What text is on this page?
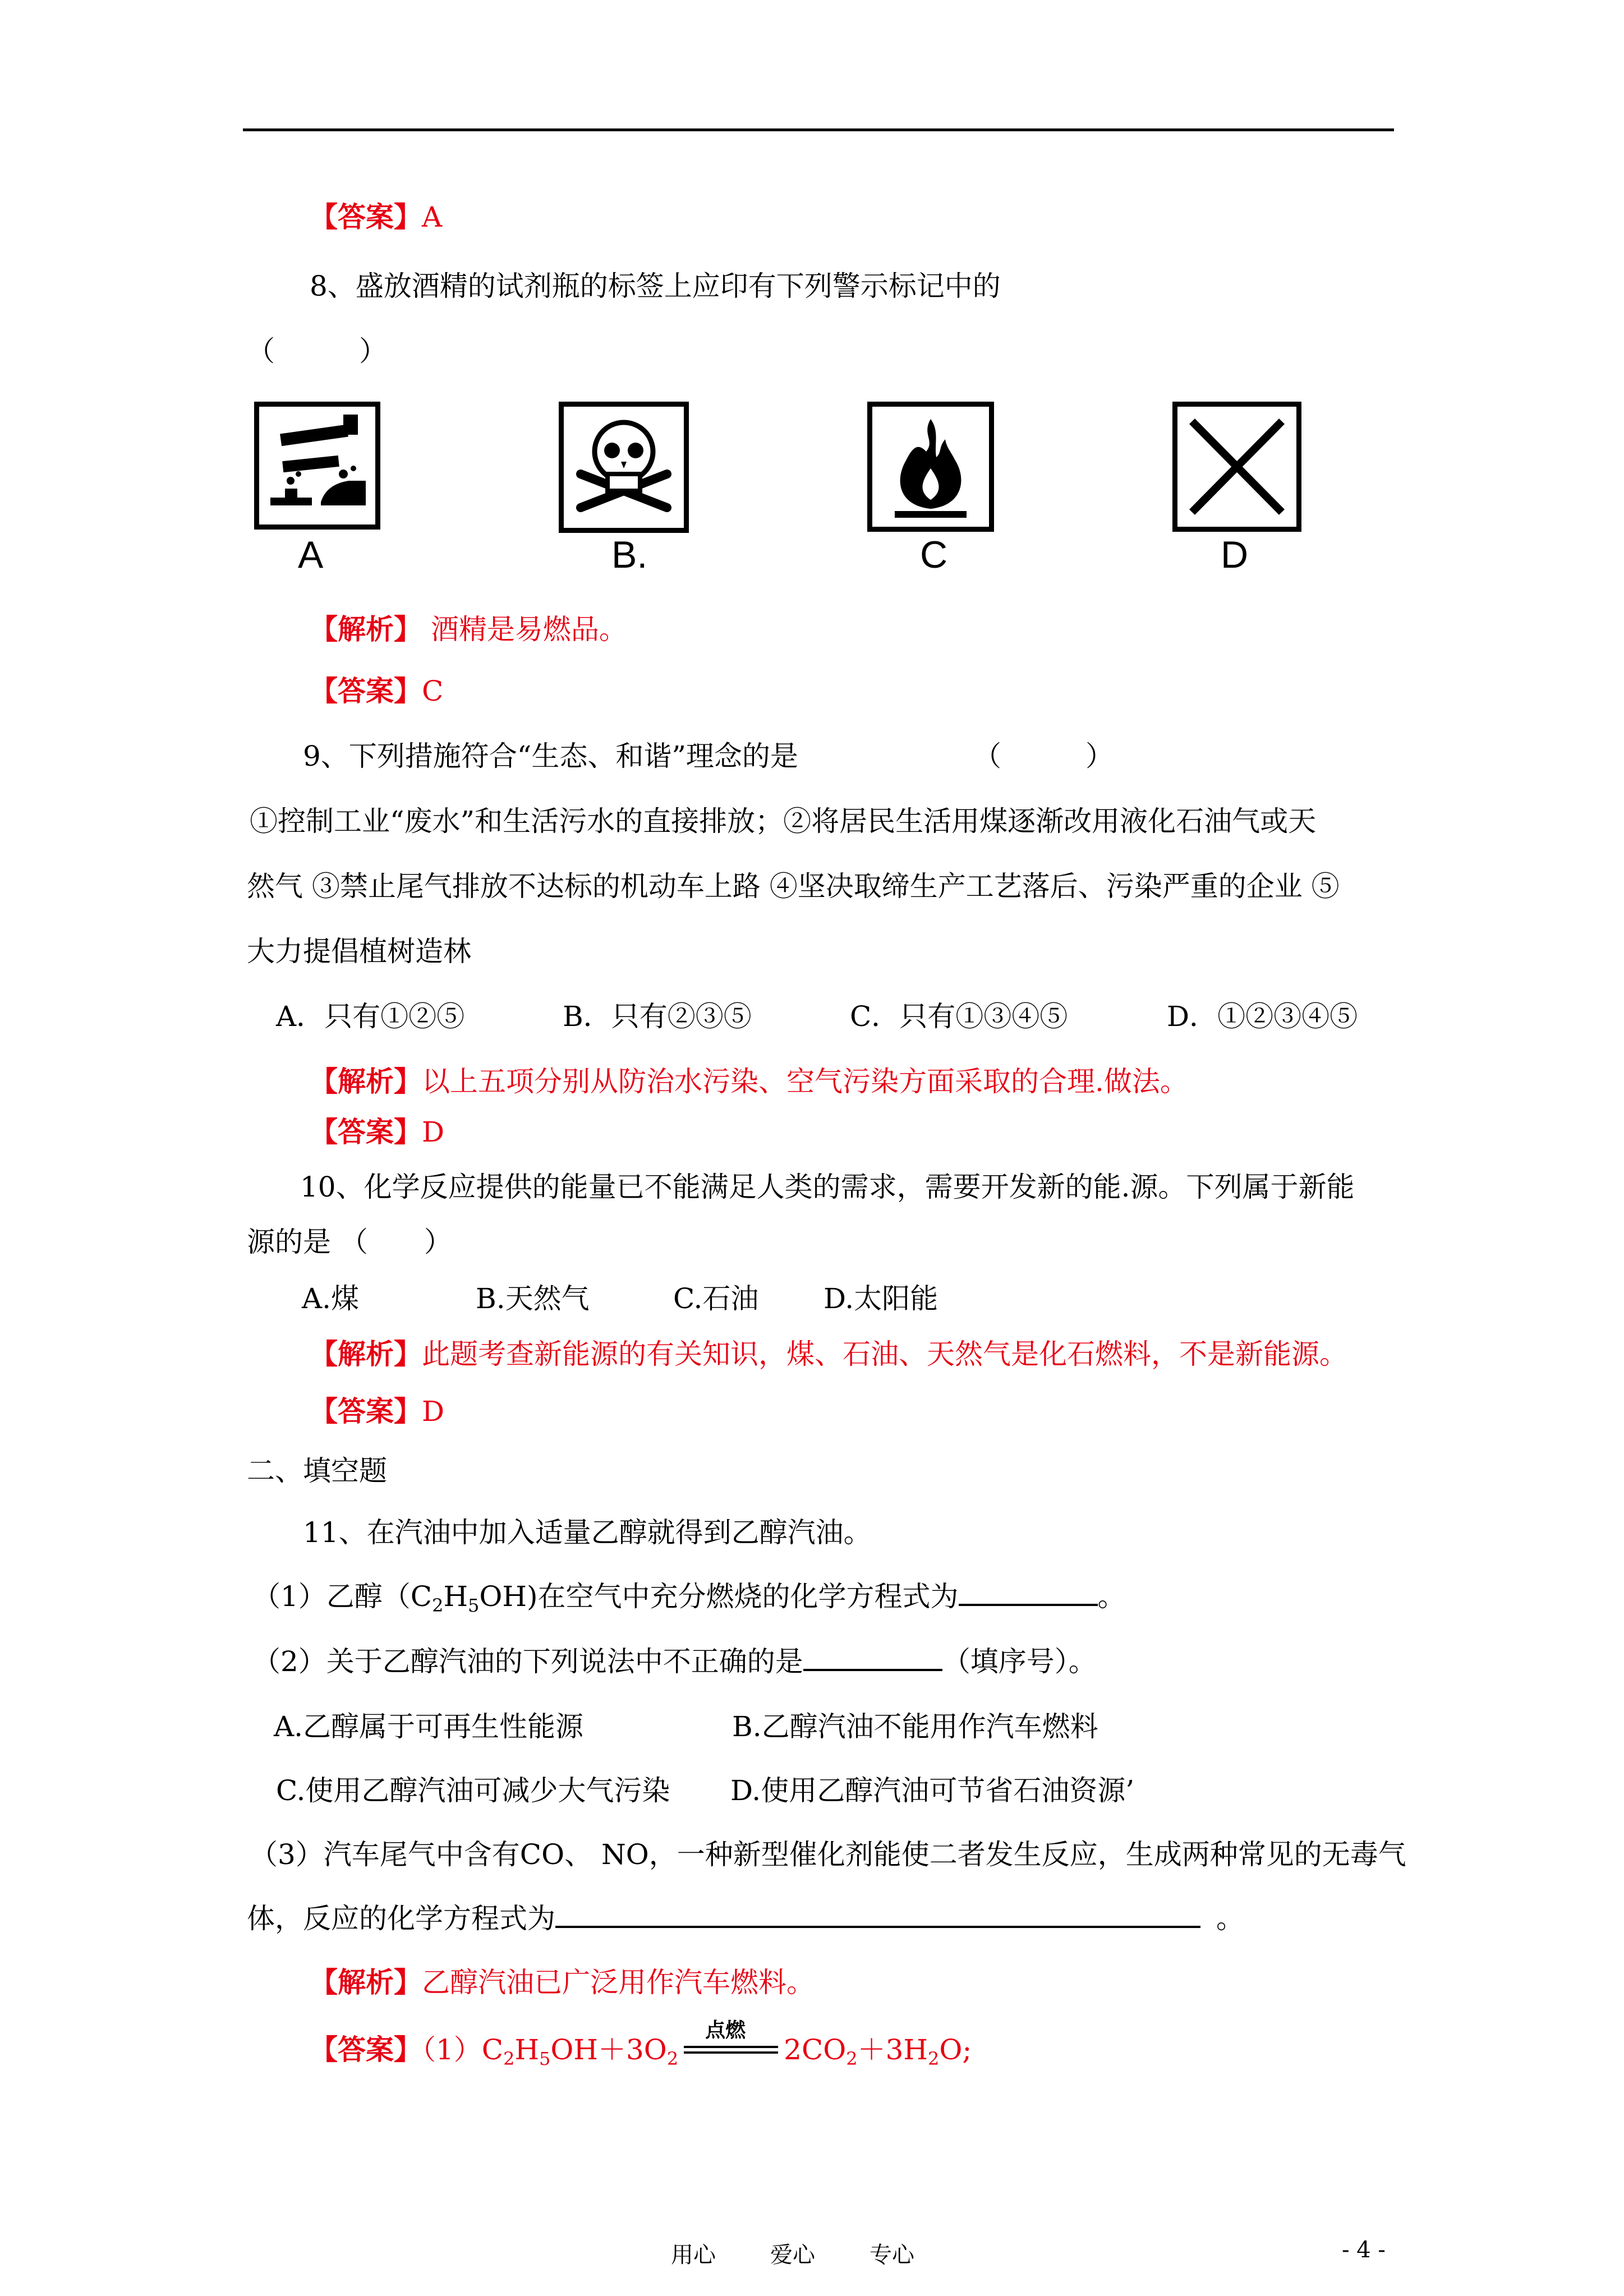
【答案】A
8、盛放酒精的试剂瓶的标签上应印有下列警示标记中的
（　　　）
A	B.	C	D
【解析】 酒精是易燃品。
【答案】C
9、下列措施符合“生态、和谐”理念的是	（　　　）
①控制工业“废水”和生活污水的直接排放；②将居民生活用煤逐渐改用液化石油气或天
然气 ③禁止尾气排放不达标的机动车上路 ④坚决取缔生产工艺落后、污染严重的企业 ⑤
大力提倡植树造林
A．只有①②⑤	B．只有②③⑤	C．只有①③④⑤	D．①②③④⑤
【解析】以上五项分别从防治水污染、空气污染方面采取的合理.做法。
【答案】D
10、化学反应提供的能量已不能满足人类的需求，需要开发新的能.源。下列属于新能
源的是 （　　）
A.煤	B.天然气	C.石油 D.太阳能
【解析】此题考查新能源的有关知识，煤、石油、天然气是化石燃料，不是新能源。
【答案】D
二、填空题
11、在汽油中加入适量乙醇就得到乙醇汽油。
（1）乙醇$(C_2H_5OH)$在空气中充分燃烧的化学方程式为	。
（2）关于乙醇汽油的下列说法中不正确的是	（填序号）。
A.乙醇属于可再生性能源	B.乙醇汽油不能用作汽车燃料
C.使用乙醇汽油可减少大气污染 D.使用乙醇汽油可节省石油资源’
（3）汽车尾气中含有CO、 NO，一种新型催化剂能使二者发生反应，生成两种常见的无毒气
体，反应的化学方程式为	。
【解析】乙醇汽油已广泛用作汽车燃料。
【答案】$(1)C_2H_5OH+3O_2$
点燃
$2CO_2+3H_2O$;
用心 爱心 专心	- 4 -
